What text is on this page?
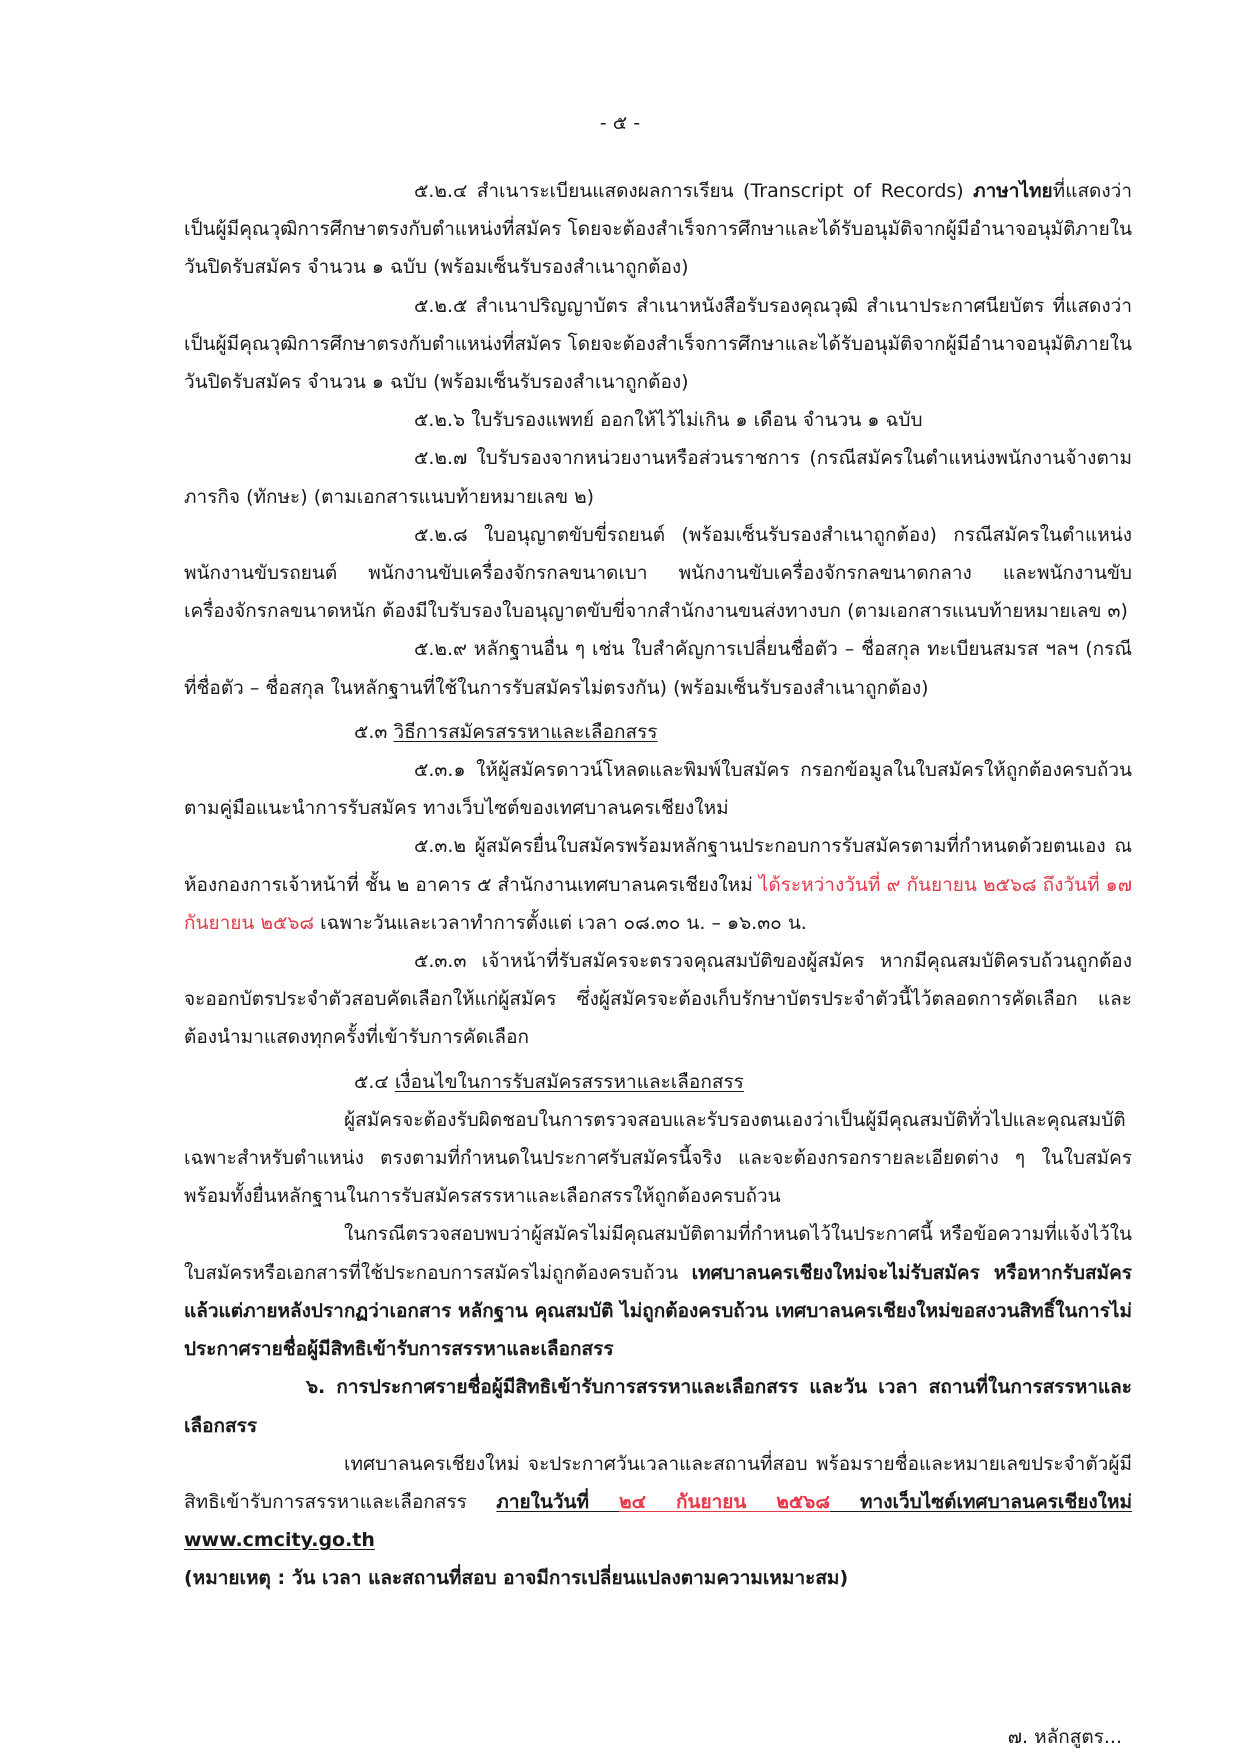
- ๕ -

๕.๒.๔ สำเนาระเบียนแสดงผลการเรียน (Transcript of Records) ภาษาไทยที่แสดงว่าเป็นผู้มีคุณวุฒิการศึกษาตรงกับตำแหน่งที่สมัคร โดยจะต้องสำเร็จการศึกษาและได้รับอนุมัติจากผู้มีอำนาจอนุมัติภายในวันปิดรับสมัคร จำนวน ๑ ฉบับ (พร้อมเซ็นรับรองสำเนาถูกต้อง)

๕.๒.๕ สำเนาปริญญาบัตร สำเนาหนังสือรับรองคุณวุฒิ สำเนาประกาศนียบัตร ที่แสดงว่าเป็นผู้มีคุณวุฒิการศึกษาตรงกับตำแหน่งที่สมัคร โดยจะต้องสำเร็จการศึกษาและได้รับอนุมัติจากผู้มีอำนาจอนุมัติภายในวันปิดรับสมัคร จำนวน ๑ ฉบับ (พร้อมเซ็นรับรองสำเนาถูกต้อง)

๕.๒.๖ ใบรับรองแพทย์ ออกให้ไว้ไม่เกิน ๑ เดือน จำนวน ๑ ฉบับ

๕.๒.๗ ใบรับรองจากหน่วยงานหรือส่วนราชการ (กรณีสมัครในตำแหน่งพนักงานจ้างตามภารกิจ (ทักษะ) (ตามเอกสารแนบท้ายหมายเลข ๒)

๕.๒.๘ ใบอนุญาตขับขี่รถยนต์ (พร้อมเซ็นรับรองสำเนาถูกต้อง) กรณีสมัครในตำแหน่งพนักงานขับรถยนต์ พนักงานขับเครื่องจักรกลขนาดเบา พนักงานขับเครื่องจักรกลขนาดกลาง และพนักงานขับเครื่องจักรกลขนาดหนัก ต้องมีใบรับรองใบอนุญาตขับขี่จากสำนักงานขนส่งทางบก (ตามเอกสารแนบท้ายหมายเลข ๓)

๕.๒.๙ หลักฐานอื่น ๆ เช่น ใบสำคัญการเปลี่ยนชื่อตัว – ชื่อสกุล ทะเบียนสมรส ฯลฯ (กรณีที่ชื่อตัว – ชื่อสกุล ในหลักฐานที่ใช้ในการรับสมัครไม่ตรงกัน) (พร้อมเซ็นรับรองสำเนาถูกต้อง)

๕.๓ วิธีการสมัครสรรหาและเลือกสรร

๕.๓.๑ ให้ผู้สมัครดาวน์โหลดและพิมพ์ใบสมัคร กรอกข้อมูลในใบสมัครให้ถูกต้องครบถ้วน ตามคู่มือแนะนำการรับสมัคร ทางเว็บไซต์ของเทศบาลนครเชียงใหม่

๕.๓.๒ ผู้สมัครยื่นใบสมัครพร้อมหลักฐานประกอบการรับสมัครตามที่กำหนดด้วยตนเอง ณ ห้องกองการเจ้าหน้าที่ ชั้น ๒ อาคาร ๕ สำนักงานเทศบาลนครเชียงใหม่ ได้ระหว่างวันที่ ๙ กันยายน ๒๕๖๘ ถึงวันที่ ๑๗ กันยายน ๒๕๖๘ เฉพาะวันและเวลาทำการตั้งแต่ เวลา ๐๘.๓๐ น. – ๑๖.๓๐ น.

๕.๓.๓ เจ้าหน้าที่รับสมัครจะตรวจคุณสมบัติของผู้สมัคร หากมีคุณสมบัติครบถ้วนถูกต้องจะออกบัตรประจำตัวสอบคัดเลือกให้แก่ผู้สมัคร ซึ่งผู้สมัครจะต้องเก็บรักษาบัตรประจำตัวนี้ไว้ตลอดการคัดเลือก และต้องนำมาแสดงทุกครั้งที่เข้ารับการคัดเลือก

๕.๔ เงื่อนไขในการรับสมัครสรรหาและเลือกสรร

ผู้สมัครจะต้องรับผิดชอบในการตรวจสอบและรับรองตนเองว่าเป็นผู้มีคุณสมบัติทั่วไปและคุณสมบัติเฉพาะสำหรับตำแหน่ง ตรงตามที่กำหนดในประกาศรับสมัครนี้จริง และจะต้องกรอกรายละเอียดต่าง ๆ ในใบสมัครพร้อมทั้งยื่นหลักฐานในการรับสมัครสรรหาและเลือกสรรให้ถูกต้องครบถ้วน

ในกรณีตรวจสอบพบว่าผู้สมัครไม่มีคุณสมบัติตามที่กำหนดไว้ในประกาศนี้ หรือข้อความที่แจ้งไว้ในใบสมัครหรือเอกสารที่ใช้ประกอบการสมัครไม่ถูกต้องครบถ้วน เทศบาลนครเชียงใหม่จะไม่รับสมัคร หรือหากรับสมัครแล้วแต่ภายหลังปรากฏว่าเอกสาร หลักฐาน คุณสมบัติ ไม่ถูกต้องครบถ้วน เทศบาลนครเชียงใหม่ขอสงวนสิทธิ์ในการไม่ประกาศรายชื่อผู้มีสิทธิเข้ารับการสรรหาและเลือกสรร

๖. การประกาศรายชื่อผู้มีสิทธิเข้ารับการสรรหาและเลือกสรร และวัน เวลา สถานที่ในการสรรหาและเลือกสรร

เทศบาลนครเชียงใหม่ จะประกาศวันเวลาและสถานที่สอบ พร้อมรายชื่อและหมายเลขประจำตัวผู้มีสิทธิเข้ารับการสรรหาและเลือกสรร ภายในวันที่ ๒๔ กันยายน ๒๕๖๘ ทางเว็บไซต์เทศบาลนครเชียงใหม่ www.cmcity.go.th

(หมายเหตุ : วัน เวลา และสถานที่สอบ อาจมีการเปลี่ยนแปลงตามความเหมาะสม)

๗. หลักสูตร...
